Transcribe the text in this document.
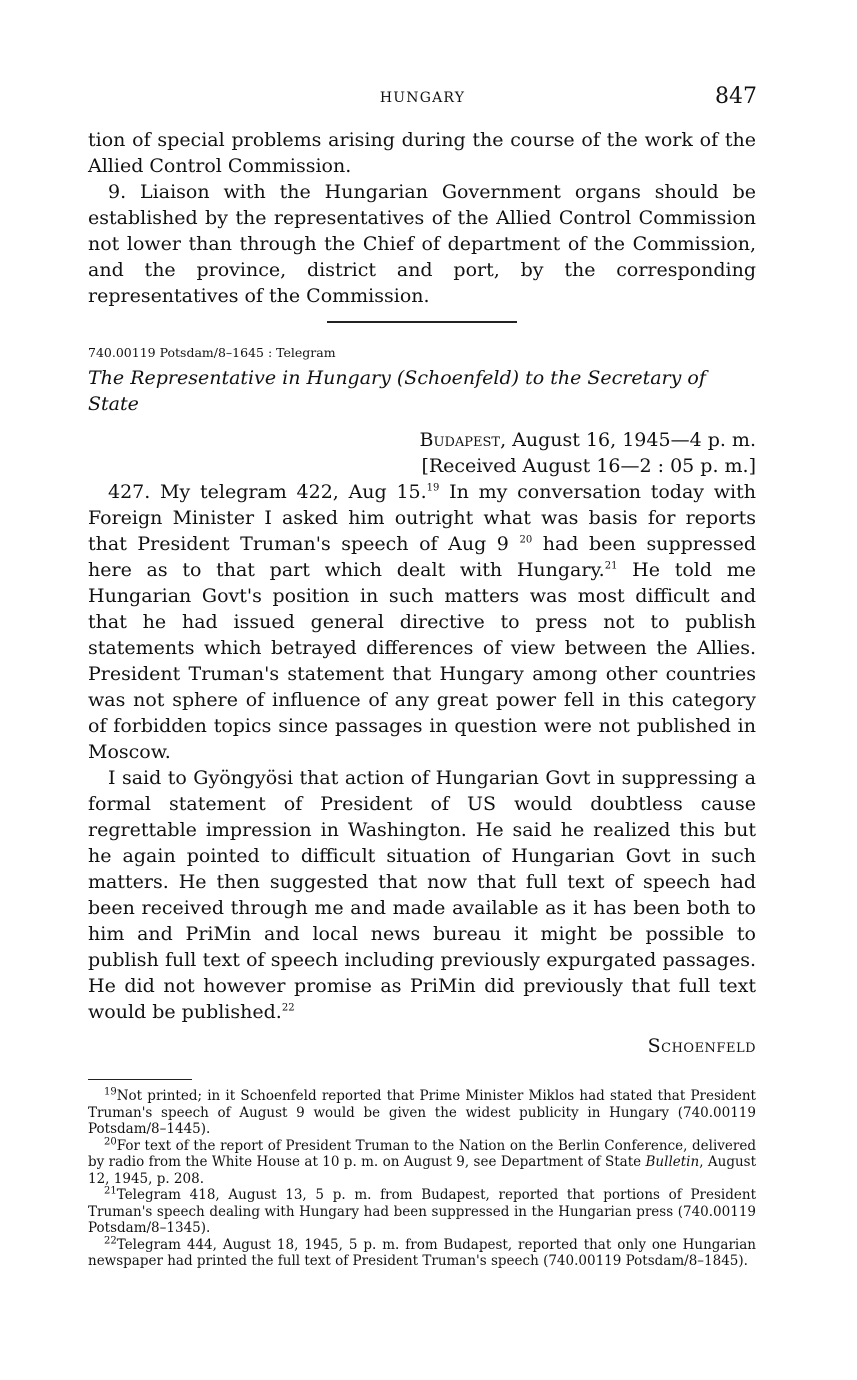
HUNGARY	847

tion of special problems arising during the course of the work of the Allied Control Commission.

9. Liaison with the Hungarian Government organs should be established by the representatives of the Allied Control Commission not lower than through the Chief of department of the Commission, and the province, district and port, by the corresponding representatives of the Commission.

740.00119 Potsdam/8–1645 : Telegram
The Representative in Hungary (Schoenfeld) to the Secretary of State
Budapest, August 16, 1945—4 p. m.
[Received August 16—2 : 05 p. m.]

427. My telegram 422, Aug 15.19 In my conversation today with Foreign Minister I asked him outright what was basis for reports that President Truman's speech of Aug 9 $^{20}$ had been suppressed here as to that part which dealt with Hungary.$^{21}$ He told me Hungarian Govt's position in such matters was most difficult and that he had issued general directive to press not to publish statements which betrayed differences of view between the Allies. President Truman's statement that Hungary among other countries was not sphere of influence of any great power fell in this category of forbidden topics since passages in question were not published in Moscow.

I said to Gyöngyösi that action of Hungarian Govt in suppressing a formal statement of President of US would doubtless cause regrettable impression in Washington. He said he realized this but he again pointed to difficult situation of Hungarian Govt in such matters. He then suggested that now that full text of speech had been received through me and made available as it has been both to him and PriMin and local news bureau it might be possible to publish full text of speech including previously expurgated passages. He did not however promise as PriMin did previously that full text would be published.$^{22}$

Schoenfeld

$^{19}$Not printed; in it Schoenfeld reported that Prime Minister Miklos had stated that President Truman's speech of August 9 would be given the widest publicity in Hungary (740.00119 Potsdam/8–1445).

$^{20}$For text of the report of President Truman to the Nation on the Berlin Conference, delivered by radio from the White House at 10 p. m. on August 9, see Department of State Bulletin, August 12, 1945, p. 208.

$^{21}$Telegram 418, August 13, 5 p. m. from Budapest, reported that portions of President Truman's speech dealing with Hungary had been suppressed in the Hungarian press (740.00119 Potsdam/8–1345).

$^{22}$Telegram 444, August 18, 1945, 5 p. m. from Budapest, reported that only one Hungarian newspaper had printed the full text of President Truman's speech (740.00119 Potsdam/8–1845).
